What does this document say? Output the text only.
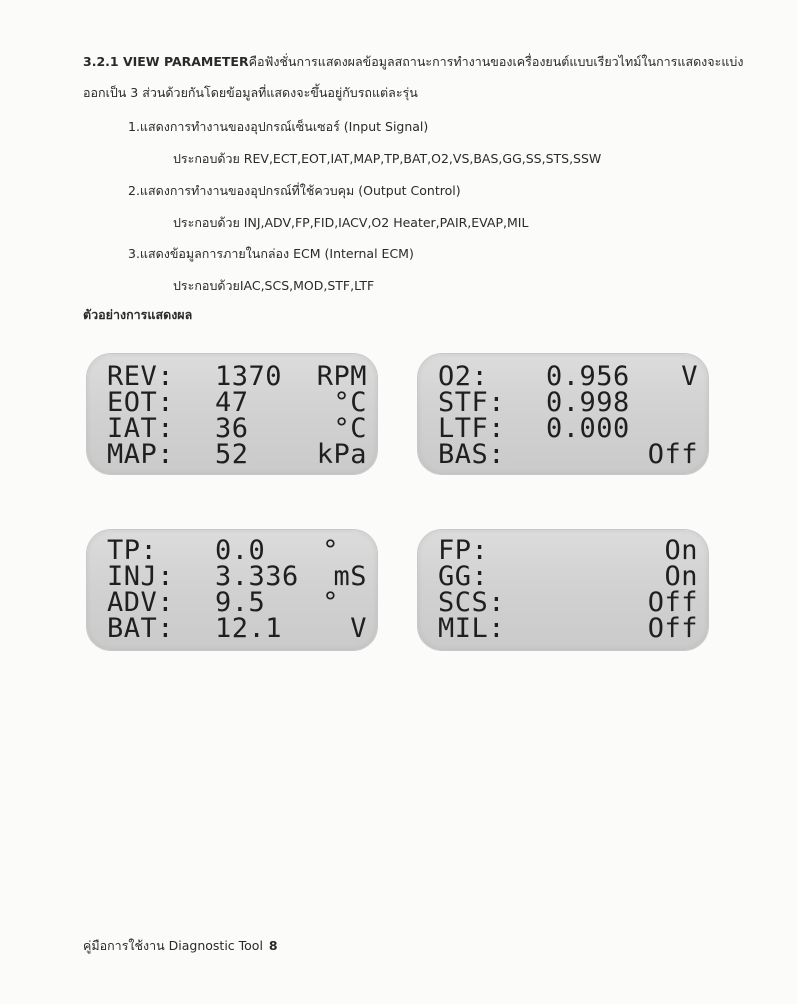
3.2.1 VIEW PARAMETERคือฟังชั่นการแสดงผลข้อมูลสถานะการทำงานของเครื่องยนต์แบบเรียวไทม์ในการแสดงจะแบ่ง
ออกเป็น 3 ส่วนด้วยกันโดยข้อมูลที่แสดงจะขึ้นอยู่กับรถแต่ละรุ่น
1.แสดงการทำงานของอุปกรณ์เซ็นเซอร์ (Input Signal)
ประกอบด้วย REV,ECT,EOT,IAT,MAP,TP,BAT,O2,VS,BAS,GG,SS,STS,SSW
2.แสดงการทำงานของอุปกรณ์ที่ใช้ควบคุม (Output Control)
ประกอบด้วย INJ,ADV,FP,FID,IACV,O2 Heater,PAIR,EVAP,MIL
3.แสดงข้อมูลการภายในกล่อง ECM (Internal ECM)
ประกอบด้วยIAC,SCS,MOD,STF,LTF
ตัวอย่างการแสดงผล
REV: 1370 RPM
EOT: 47	°C
IAT: 36	°C
MAP: 52	kPa
O2: 0.956 V
STF: 0.998
LTF: 0.000
BAS:	Off
TP: 0.0 °
INJ: 3.336 mS
ADV: 9.5 °
BAT: 12.1	V
FP:	On
GG:	On
SCS:	Off
MIL:	Off
คู่มือการใช้งาน Diagnostic Tool 8
